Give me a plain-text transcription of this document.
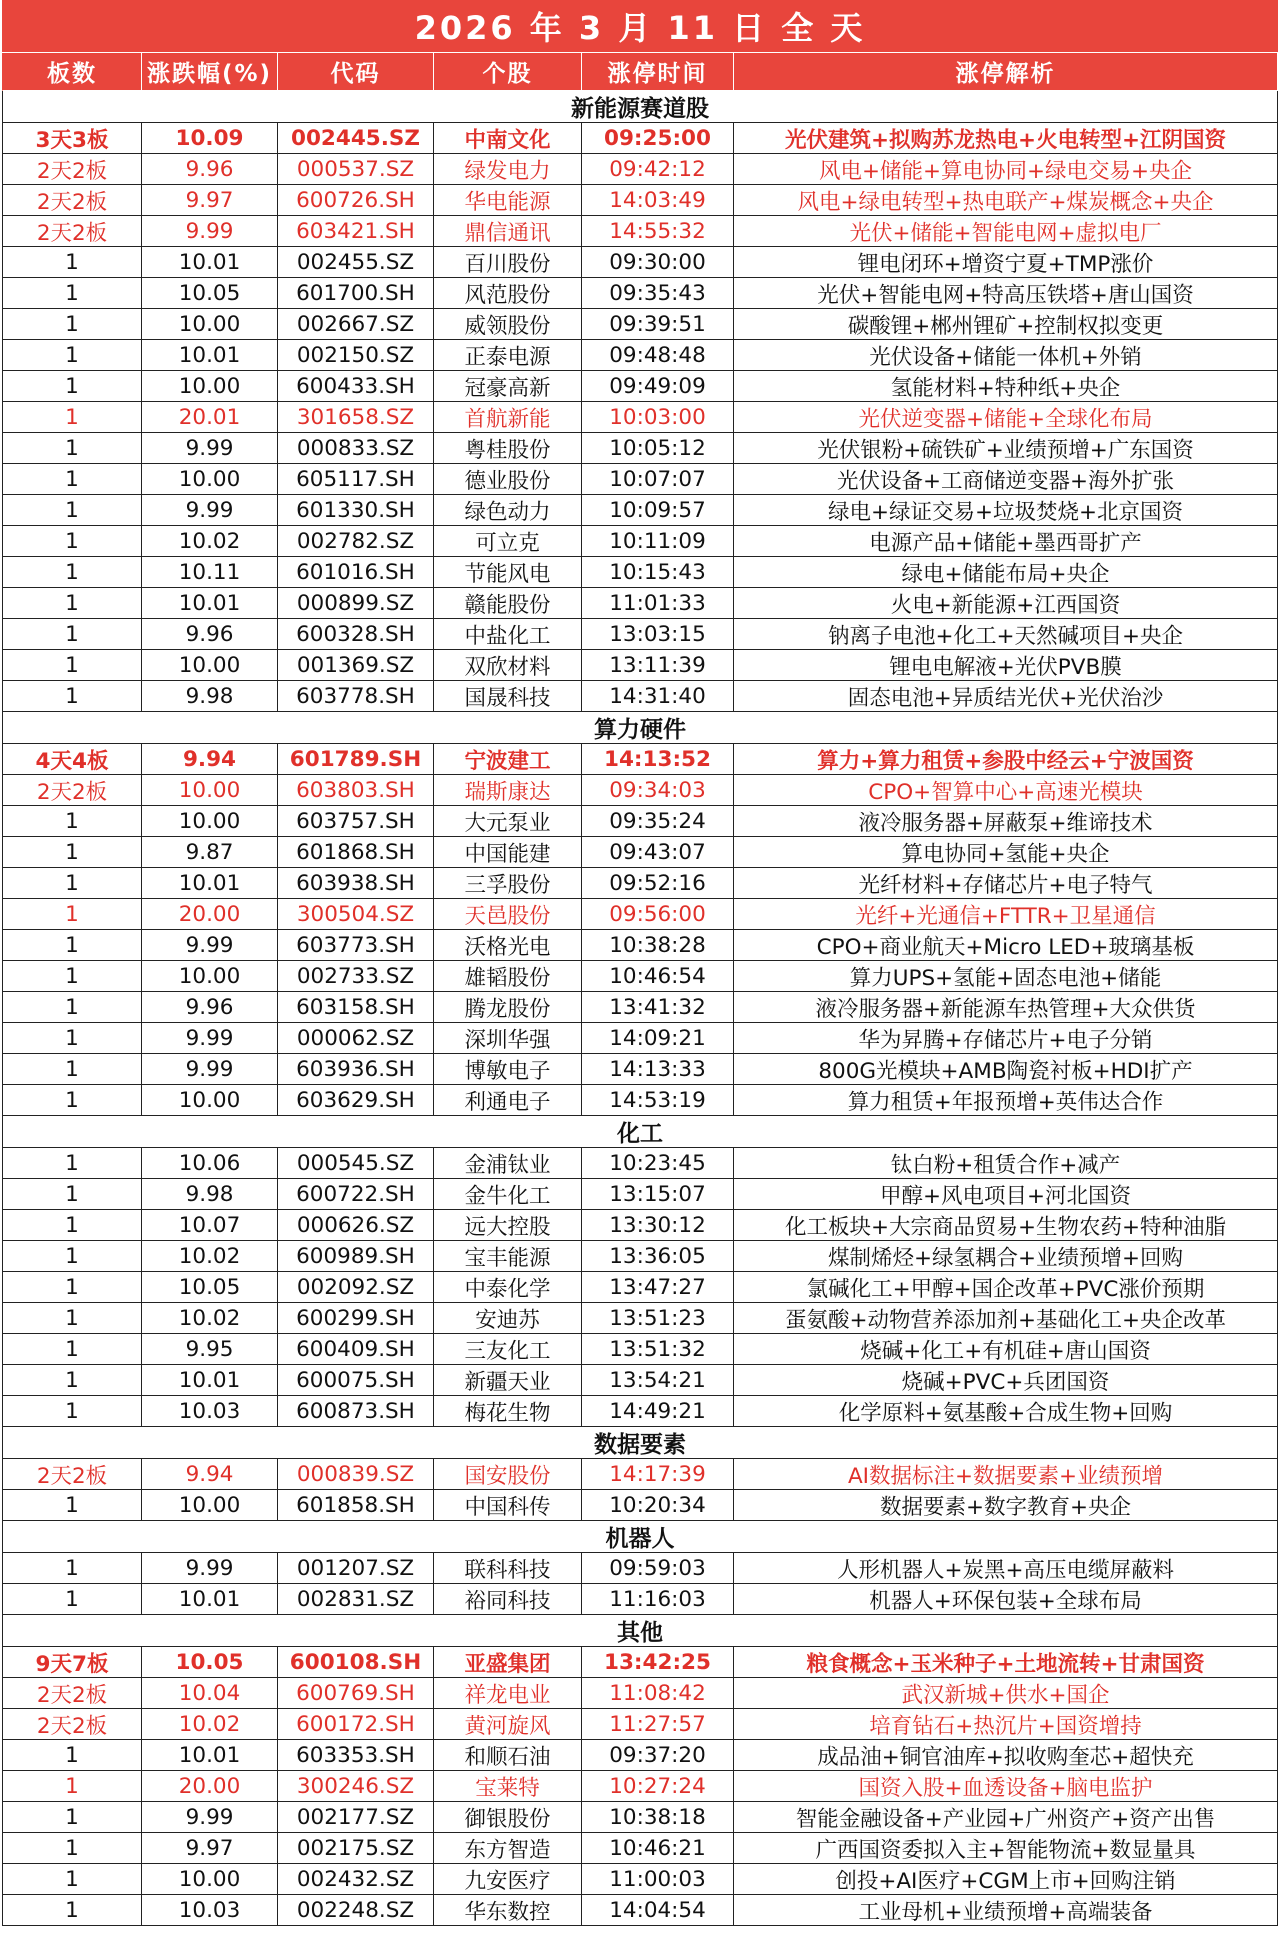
2026 年 3 月 11 日 全 天
板数	涨跌幅(%)	代码	个股	涨停时间	涨停解析
新能源赛道股
3天3板	10.09	002445.SZ	中南文化	09:25:00	光伏建筑+拟购苏龙热电+火电转型+江阴国资
2天2板	9.96	000537.SZ	绿发电力	09:42:12	风电+储能+算电协同+绿电交易+央企
2天2板	9.97	600726.SH	华电能源	14:03:49	风电+绿电转型+热电联产+煤炭概念+央企
2天2板	9.99	603421.SH	鼎信通讯	14:55:32	光伏+储能+智能电网+虚拟电厂
1	10.01	002455.SZ	百川股份	09:30:00	锂电闭环+增资宁夏+TMP涨价
1	10.05	601700.SH	风范股份	09:35:43	光伏+智能电网+特高压铁塔+唐山国资
1	10.00	002667.SZ	威领股份	09:39:51	碳酸锂+郴州锂矿+控制权拟变更
1	10.01	002150.SZ	正泰电源	09:48:48	光伏设备+储能一体机+外销
1	10.00	600433.SH	冠豪高新	09:49:09	氢能材料+特种纸+央企
1	20.01	301658.SZ	首航新能	10:03:00	光伏逆变器+储能+全球化布局
1	9.99	000833.SZ	粤桂股份	10:05:12	光伏银粉+硫铁矿+业绩预增+广东国资
1	10.00	605117.SH	德业股份	10:07:07	光伏设备+工商储逆变器+海外扩张
1	9.99	601330.SH	绿色动力	10:09:57	绿电+绿证交易+垃圾焚烧+北京国资
1	10.02	002782.SZ	可立克	10:11:09	电源产品+储能+墨西哥扩产
1	10.11	601016.SH	节能风电	10:15:43	绿电+储能布局+央企
1	10.01	000899.SZ	赣能股份	11:01:33	火电+新能源+江西国资
1	9.96	600328.SH	中盐化工	13:03:15	钠离子电池+化工+天然碱项目+央企
1	10.00	001369.SZ	双欣材料	13:11:39	锂电电解液+光伏PVB膜
1	9.98	603778.SH	国晟科技	14:31:40	固态电池+异质结光伏+光伏治沙
算力硬件
4天4板	9.94	601789.SH	宁波建工	14:13:52	算力+算力租赁+参股中经云+宁波国资
2天2板	10.00	603803.SH	瑞斯康达	09:34:03	CPO+智算中心+高速光模块
1	10.00	603757.SH	大元泵业	09:35:24	液冷服务器+屏蔽泵+维谛技术
1	9.87	601868.SH	中国能建	09:43:07	算电协同+氢能+央企
1	10.01	603938.SH	三孚股份	09:52:16	光纤材料+存储芯片+电子特气
1	20.00	300504.SZ	天邑股份	09:56:00	光纤+光通信+FTTR+卫星通信
1	9.99	603773.SH	沃格光电	10:38:28	CPO+商业航天+Micro LED+玻璃基板
1	10.00	002733.SZ	雄韬股份	10:46:54	算力UPS+氢能+固态电池+储能
1	9.96	603158.SH	腾龙股份	13:41:32	液冷服务器+新能源车热管理+大众供货
1	9.99	000062.SZ	深圳华强	14:09:21	华为昇腾+存储芯片+电子分销
1	9.99	603936.SH	博敏电子	14:13:33	800G光模块+AMB陶瓷衬板+HDI扩产
1	10.00	603629.SH	利通电子	14:53:19	算力租赁+年报预增+英伟达合作
化工
1	10.06	000545.SZ	金浦钛业	10:23:45	钛白粉+租赁合作+减产
1	9.98	600722.SH	金牛化工	13:15:07	甲醇+风电项目+河北国资
1	10.07	000626.SZ	远大控股	13:30:12	化工板块+大宗商品贸易+生物农药+特种油脂
1	10.02	600989.SH	宝丰能源	13:36:05	煤制烯烃+绿氢耦合+业绩预增+回购
1	10.05	002092.SZ	中泰化学	13:47:27	氯碱化工+甲醇+国企改革+PVC涨价预期
1	10.02	600299.SH	安迪苏	13:51:23	蛋氨酸+动物营养添加剂+基础化工+央企改革
1	9.95	600409.SH	三友化工	13:51:32	烧碱+化工+有机硅+唐山国资
1	10.01	600075.SH	新疆天业	13:54:21	烧碱+PVC+兵团国资
1	10.03	600873.SH	梅花生物	14:49:21	化学原料+氨基酸+合成生物+回购
数据要素
2天2板	9.94	000839.SZ	国安股份	14:17:39	AI数据标注+数据要素+业绩预增
1	10.00	601858.SH	中国科传	10:20:34	数据要素+数字教育+央企
机器人
1	9.99	001207.SZ	联科科技	09:59:03	人形机器人+炭黑+高压电缆屏蔽料
1	10.01	002831.SZ	裕同科技	11:16:03	机器人+环保包装+全球布局
其他
9天7板	10.05	600108.SH	亚盛集团	13:42:25	粮食概念+玉米种子+土地流转+甘肃国资
2天2板	10.04	600769.SH	祥龙电业	11:08:42	武汉新城+供水+国企
2天2板	10.02	600172.SH	黄河旋风	11:27:57	培育钻石+热沉片+国资增持
1	10.01	603353.SH	和顺石油	09:37:20	成品油+铜官油库+拟收购奎芯+超快充
1	20.00	300246.SZ	宝莱特	10:27:24	国资入股+血透设备+脑电监护
1	9.99	002177.SZ	御银股份	10:38:18	智能金融设备+产业园+广州资产+资产出售
1	9.97	002175.SZ	东方智造	10:46:21	广西国资委拟入主+智能物流+数显量具
1	10.00	002432.SZ	九安医疗	11:00:03	创投+AI医疗+CGM上市+回购注销
1	10.03	002248.SZ	华东数控	14:04:54	工业母机+业绩预增+高端装备
